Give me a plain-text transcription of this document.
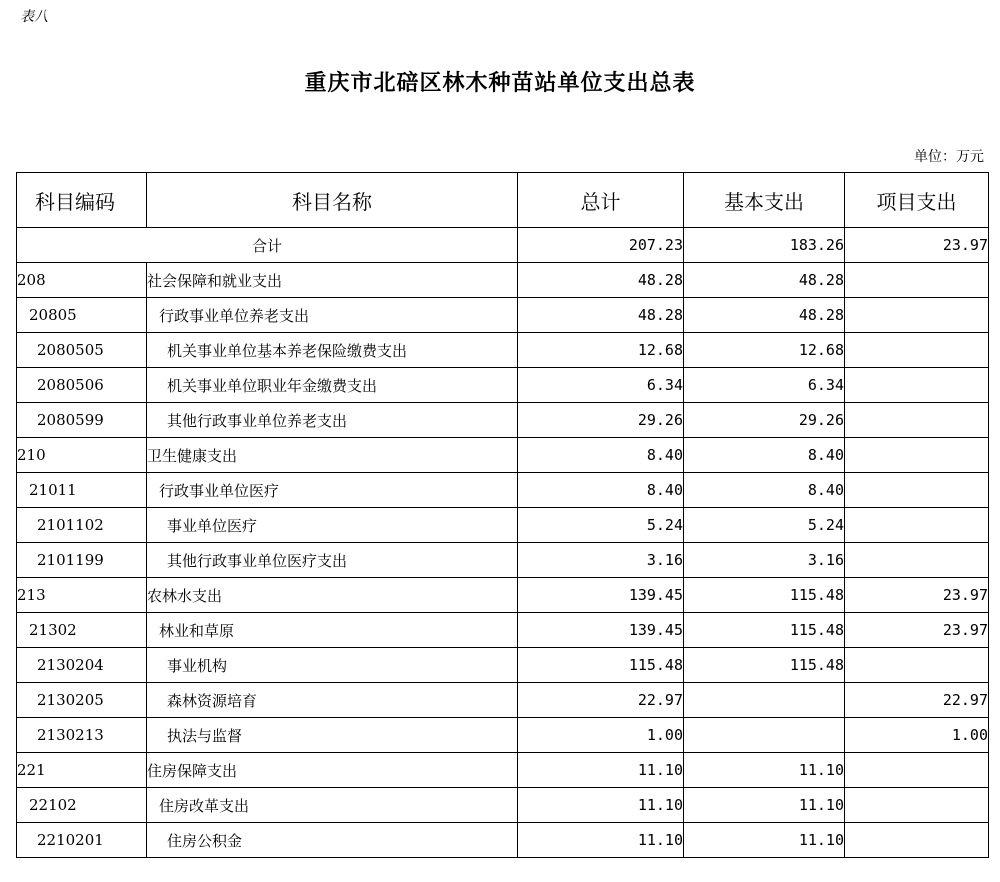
表八
重庆市北碚区林木种苗站单位支出总表
单位：万元
科目编码	科目名称	总计	基本支出	项目支出
合计		207.23	183.26	23.97
208	社会保障和就业支出	48.28	48.28	
20805	行政事业单位养老支出	48.28	48.28	
2080505	机关事业单位基本养老保险缴费支出	12.68	12.68	
2080506	机关事业单位职业年金缴费支出	6.34	6.34	
2080599	其他行政事业单位养老支出	29.26	29.26	
210	卫生健康支出	8.40	8.40	
21011	行政事业单位医疗	8.40	8.40	
2101102	事业单位医疗	5.24	5.24	
2101199	其他行政事业单位医疗支出	3.16	3.16	
213	农林水支出	139.45	115.48	23.97
21302	林业和草原	139.45	115.48	23.97
2130204	事业机构	115.48	115.48	
2130205	森林资源培育	22.97		22.97
2130213	执法与监督	1.00		1.00
221	住房保障支出	11.10	11.10	
22102	住房改革支出	11.10	11.10	
2210201	住房公积金	11.10	11.10	
